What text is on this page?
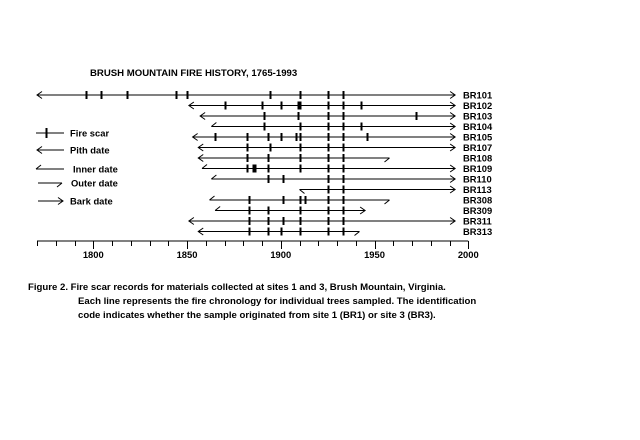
BRUSH MOUNTAIN FIRE HISTORY, 1765-1993
Fire scar
Pith date
Inner date
Outer date
Bark date
BR101
BR102
BR103
BR104
BR105
BR107
BR108
BR109
BR110
BR113
BR308
BR309
BR311
BR313
1800	1850	1900	1950	2000
Figure 2. Fire scar records for materials collected at sites 1 and 3, Brush Mountain, Virginia.
Each line represents the fire chronology for individual trees sampled. The identification
code indicates whether the sample originated from site 1 (BR1) or site 3 (BR3).
